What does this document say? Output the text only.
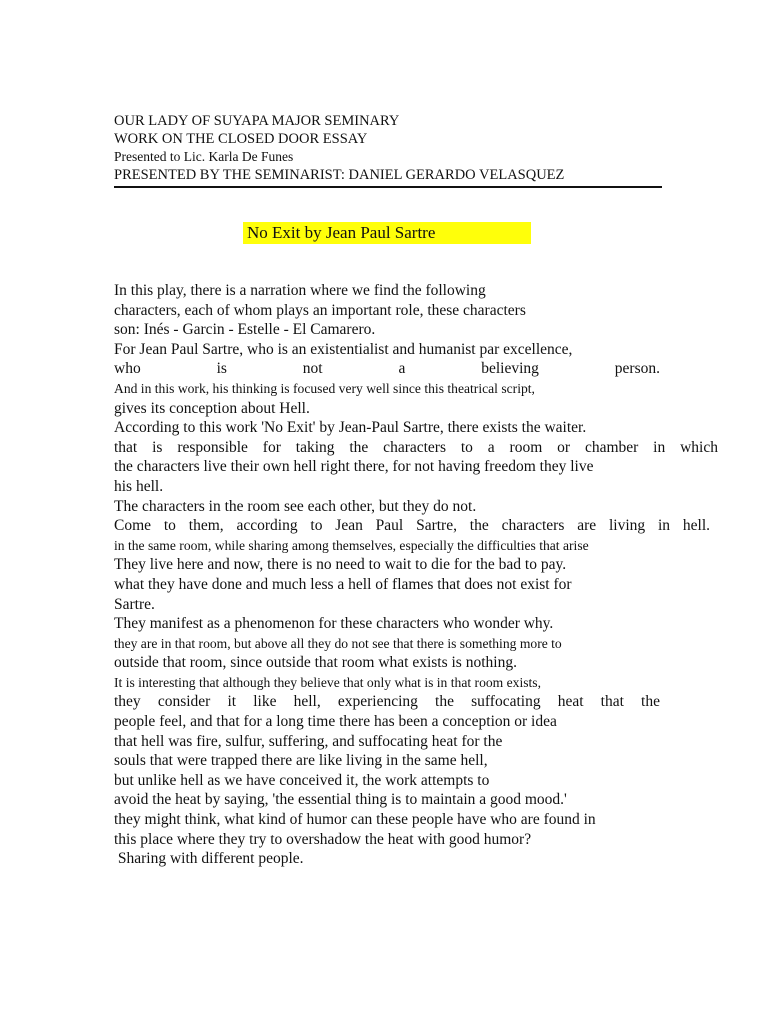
OUR LADY OF SUYAPA MAJOR SEMINARY
WORK ON THE CLOSED DOOR ESSAY
Presented to Lic. Karla De Funes
PRESENTED BY THE SEMINARIST: DANIEL GERARDO VELASQUEZ
No Exit by Jean Paul Sartre
In this play, there is a narration where we find the following
characters, each of whom plays an important role, these characters
son: Inés - Garcin - Estelle - El Camarero.
For Jean Paul Sartre, who is an existentialist and humanist par excellence,
who is not a believing person.
And in this work, his thinking is focused very well since this theatrical script,
gives its conception about Hell.
According to this work 'No Exit' by Jean-Paul Sartre, there exists the waiter.
that is responsible for taking the characters to a room or chamber in which
the characters live their own hell right there, for not having freedom they live
his hell.
The characters in the room see each other, but they do not.
Come to them, according to Jean Paul Sartre, the characters are living in hell.
in the same room, while sharing among themselves, especially the difficulties that arise
They live here and now, there is no need to wait to die for the bad to pay.
what they have done and much less a hell of flames that does not exist for
Sartre.
They manifest as a phenomenon for these characters who wonder why.
they are in that room, but above all they do not see that there is something more to
outside that room, since outside that room what exists is nothing.
It is interesting that although they believe that only what is in that room exists,
they consider it like hell, experiencing the suffocating heat that the
people feel, and that for a long time there has been a conception or idea
that hell was fire, sulfur, suffering, and suffocating heat for the
souls that were trapped there are like living in the same hell,
but unlike hell as we have conceived it, the work attempts to
avoid the heat by saying, 'the essential thing is to maintain a good mood.'
they might think, what kind of humor can these people have who are found in
this place where they try to overshadow the heat with good humor?
Sharing with different people.
